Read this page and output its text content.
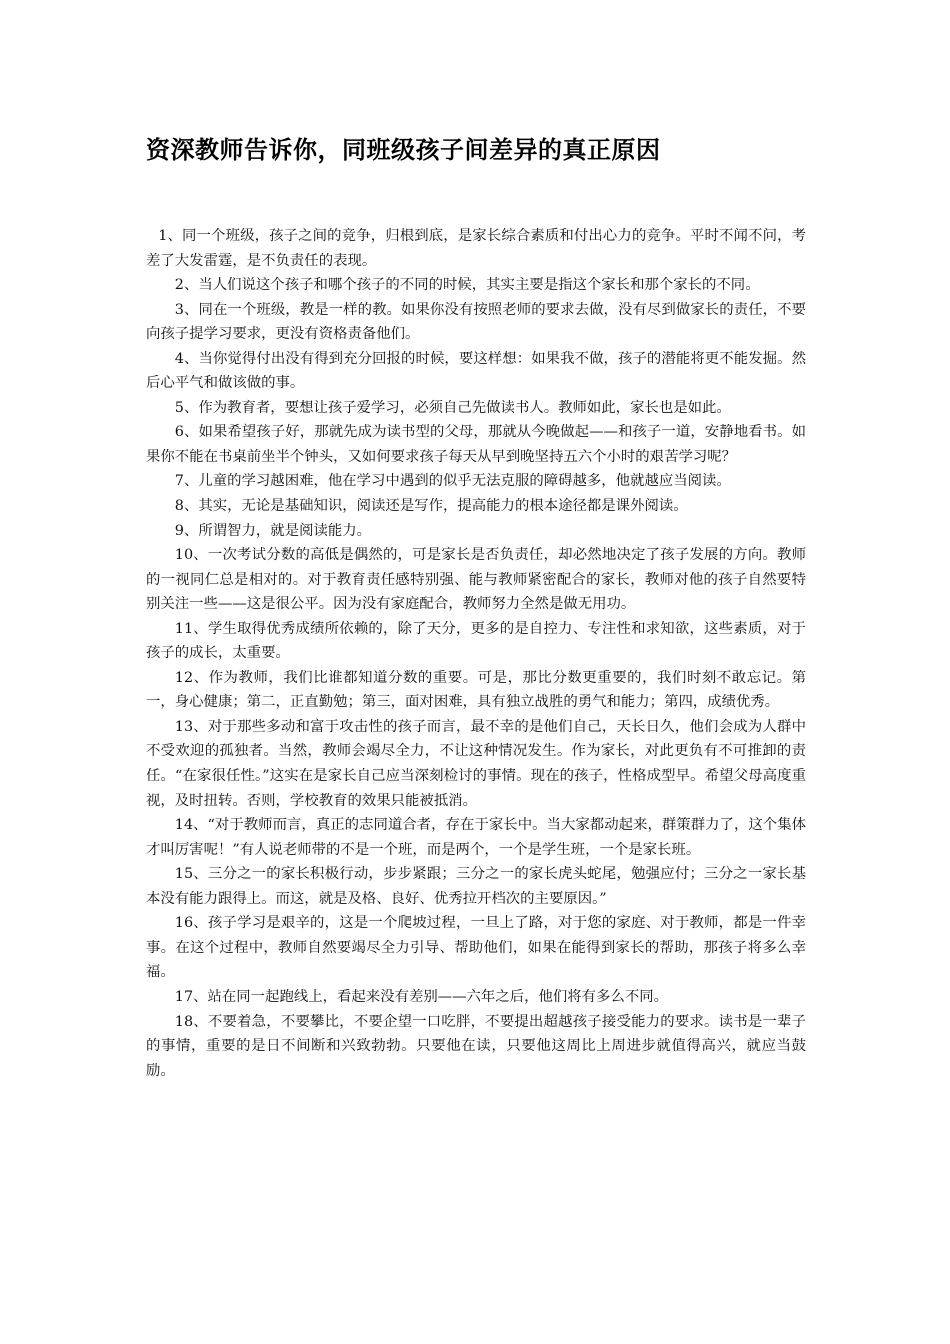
资深教师告诉你，同班级孩子间差异的真正原因

1、同一个班级，孩子之间的竞争，归根到底，是家长综合素质和付出心力的竞争。平时不闻不问，考差了大发雷霆，是不负责任的表现。

2、当人们说这个孩子和哪个孩子的不同的时候，其实主要是指这个家长和那个家长的不同。

3、同在一个班级，教是一样的教。如果你没有按照老师的要求去做，没有尽到做家长的责任，不要向孩子提学习要求，更没有资格责备他们。

4、当你觉得付出没有得到充分回报的时候，要这样想：如果我不做，孩子的潜能将更不能发掘。然后心平气和做该做的事。

5、作为教育者，要想让孩子爱学习，必须自己先做读书人。教师如此，家长也是如此。

6、如果希望孩子好，那就先成为读书型的父母，那就从今晚做起——和孩子一道，安静地看书。如果你不能在书桌前坐半个钟头，又如何要求孩子每天从早到晚坚持五六个小时的艰苦学习呢？

7、儿童的学习越困难，他在学习中遇到的似乎无法克服的障碍越多，他就越应当阅读。

8、其实，无论是基础知识，阅读还是写作，提高能力的根本途径都是课外阅读。

9、所谓智力，就是阅读能力。

10、一次考试分数的高低是偶然的，可是家长是否负责任，却必然地决定了孩子发展的方向。教师的一视同仁总是相对的。对于教育责任感特别强、能与教师紧密配合的家长，教师对他的孩子自然要特别关注一些——这是很公平。因为没有家庭配合，教师努力全然是做无用功。

11、学生取得优秀成绩所依赖的，除了天分，更多的是自控力、专注性和求知欲，这些素质，对于孩子的成长，太重要。

12、作为教师，我们比谁都知道分数的重要。可是，那比分数更重要的，我们时刻不敢忘记。第一，身心健康；第二，正直勤勉；第三，面对困难，具有独立战胜的勇气和能力；第四，成绩优秀。

13、对于那些多动和富于攻击性的孩子而言，最不幸的是他们自己，天长日久，他们会成为人群中不受欢迎的孤独者。当然，教师会竭尽全力，不让这种情况发生。作为家长，对此更负有不可推卸的责任。“在家很任性。”这实在是家长自己应当深刻检讨的事情。现在的孩子，性格成型早。希望父母高度重视，及时扭转。否则，学校教育的效果只能被抵消。

14、“对于教师而言，真正的志同道合者，存在于家长中。当大家都动起来，群策群力了，这个集体才叫厉害呢！”有人说老师带的不是一个班，而是两个，一个是学生班，一个是家长班。

15、三分之一的家长积极行动，步步紧跟；三分之一的家长虎头蛇尾，勉强应付；三分之一家长基本没有能力跟得上。而这，就是及格、良好、优秀拉开档次的主要原因。”

16、孩子学习是艰辛的，这是一个爬坡过程，一旦上了路，对于您的家庭、对于教师，都是一件幸事。在这个过程中，教师自然要竭尽全力引导、帮助他们，如果在能得到家长的帮助，那孩子将多么幸福。

17、站在同一起跑线上，看起来没有差别——六年之后，他们将有多么不同。

18、不要着急，不要攀比，不要企望一口吃胖，不要提出超越孩子接受能力的要求。读书是一辈子的事情，重要的是日不间断和兴致勃勃。只要他在读，只要他这周比上周进步就值得高兴，就应当鼓励。
